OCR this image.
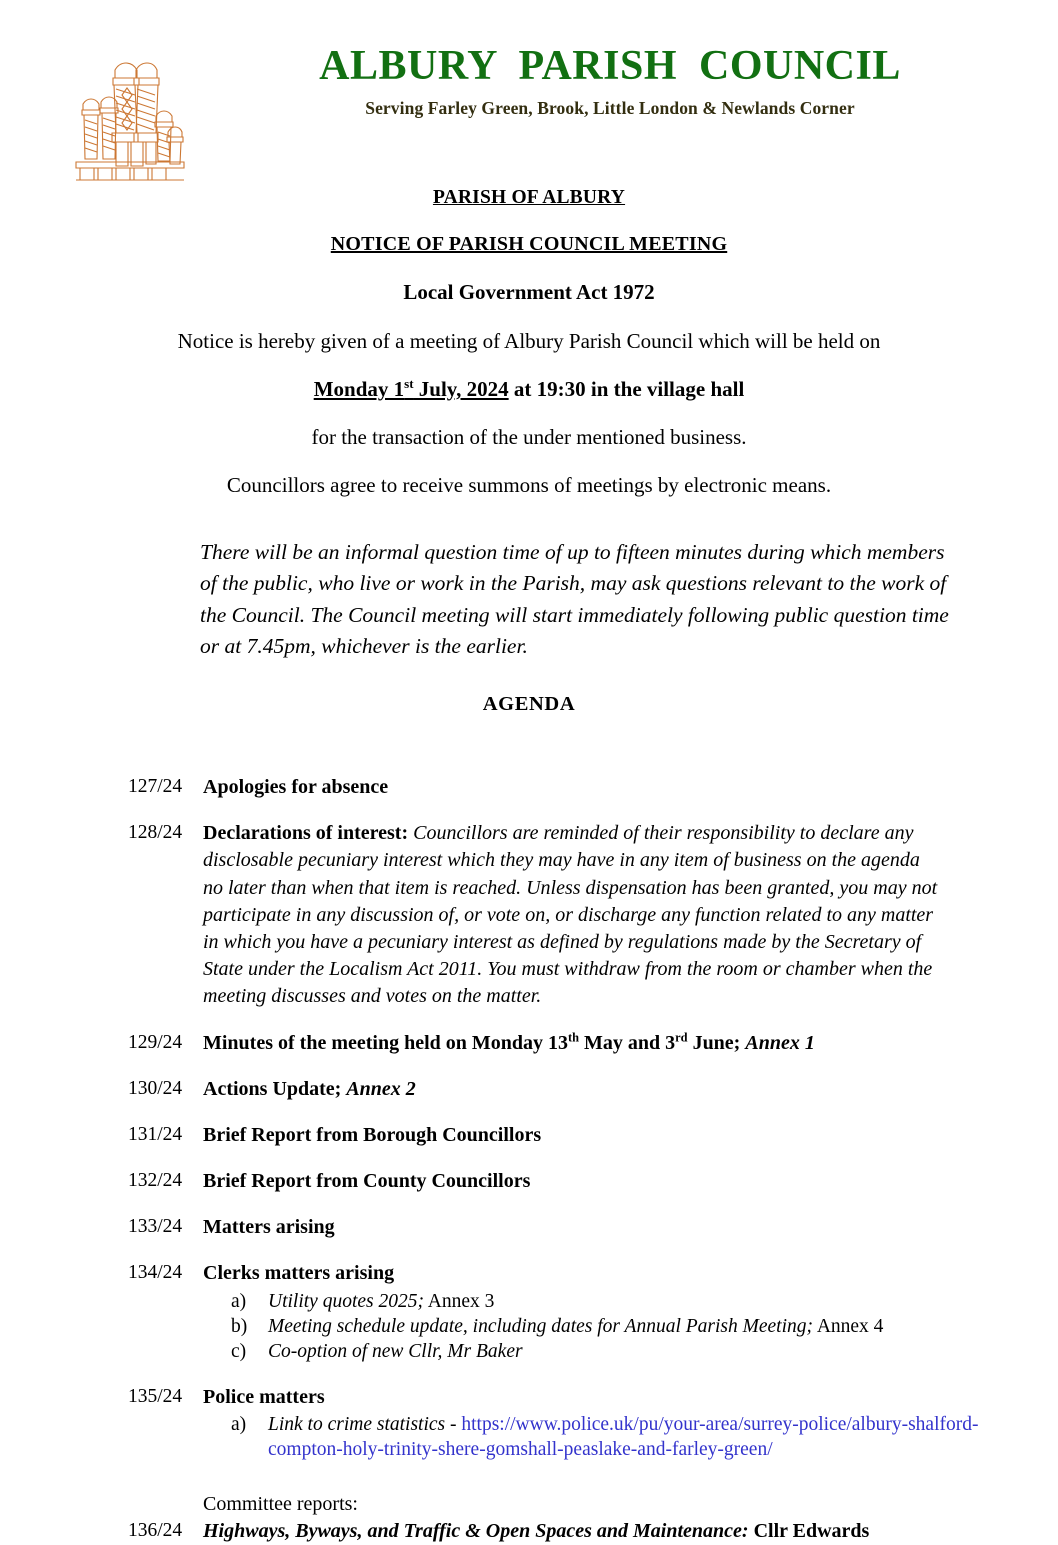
ALBURY  PARISH  COUNCIL
Serving Farley Green, Brook, Little London & Newlands Corner
PARISH OF ALBURY
NOTICE OF PARISH COUNCIL MEETING
Local Government Act 1972
Notice is hereby given of a meeting of Albury Parish Council which will be held on
Monday 1st July, 2024 at 19:30 in the village hall
for the transaction of the under mentioned business.
Councillors agree to receive summons of meetings by electronic means.
There will be an informal question time of up to fifteen minutes during which members of the public, who live or work in the Parish, may ask questions relevant to the work of the Council. The Council meeting will start immediately following public question time or at 7.45pm, whichever is the earlier.
AGENDA
127/24 Apologies for absence
128/24 Declarations of interest: Councillors are reminded of their responsibility to declare any disclosable pecuniary interest which they may have in any item of business on the agenda no later than when that item is reached. Unless dispensation has been granted, you may not participate in any discussion of, or vote on, or discharge any function related to any matter in which you have a pecuniary interest as defined by regulations made by the Secretary of State under the Localism Act 2011. You must withdraw from the room or chamber when the meeting discusses and votes on the matter.
129/24 Minutes of the meeting held on Monday 13th May and 3rd June; Annex 1
130/24 Actions Update; Annex 2
131/24 Brief Report from Borough Councillors
132/24 Brief Report from County Councillors
133/24 Matters arising
134/24 Clerks matters arising
a) Utility quotes 2025; Annex 3
b) Meeting schedule update, including dates for Annual Parish Meeting; Annex 4
c) Co-option of new Cllr, Mr Baker
135/24 Police matters
a) Link to crime statistics - https://www.police.uk/pu/your-area/surrey-police/albury-shalford- compton-holy-trinity-shere-gomshall-peaslake-and-farley-green/
Committee reports:
136/24 Highways, Byways, and Traffic & Open Spaces and Maintenance: Cllr Edwards
